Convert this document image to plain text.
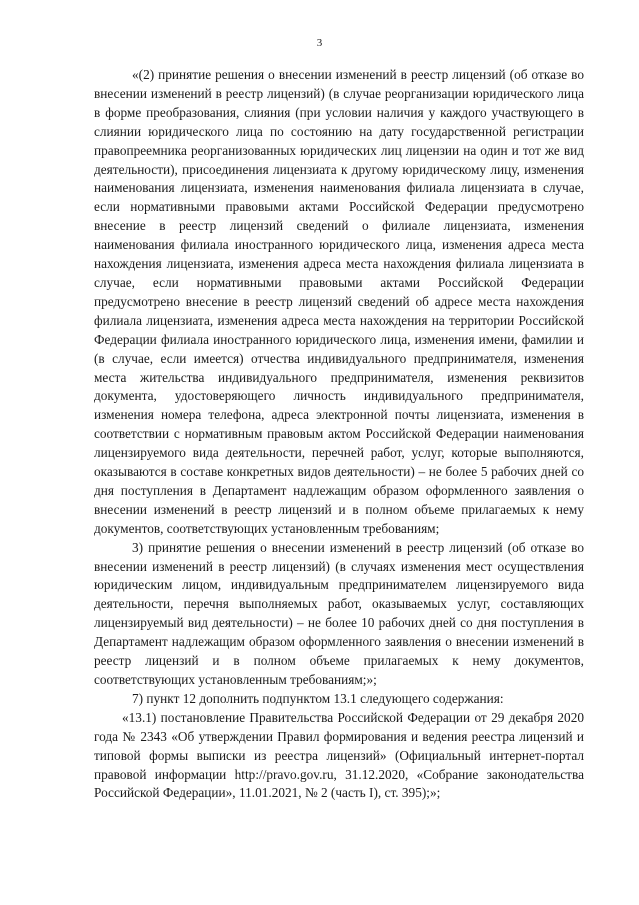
3

«(2) принятие решения о внесении изменений в реестр лицензий (об отказе во внесении изменений в реестр лицензий) (в случае реорганизации юридического лица в форме преобразования, слияния (при условии наличия у каждого участвующего в слиянии юридического лица по состоянию на дату государственной регистрации правопреемника реорганизованных юридических лиц лицензии на один и тот же вид деятельности), присоединения лицензиата к другому юридическому лицу, изменения наименования лицензиата, изменения наименования филиала лицензиата в случае, если нормативными правовыми актами Российской Федерации предусмотрено внесение в реестр лицензий сведений о филиале лицензиата, изменения наименования филиала иностранного юридического лица, изменения адреса места нахождения лицензиата, изменения адреса места нахождения филиала лицензиата в случае, если нормативными правовыми актами Российской Федерации предусмотрено внесение в реестр лицензий сведений об адресе места нахождения филиала лицензиата, изменения адреса места нахождения на территории Российской Федерации филиала иностранного юридического лица, изменения имени, фамилии и (в случае, если имеется) отчества индивидуального предпринимателя, изменения места жительства индивидуального предпринимателя, изменения реквизитов документа, удостоверяющего личность индивидуального предпринимателя, изменения номера телефона, адреса электронной почты лицензиата, изменения в соответствии с нормативным правовым актом Российской Федерации наименования лицензируемого вида деятельности, перечней работ, услуг, которые выполняются, оказываются в составе конкретных видов деятельности) – не более 5 рабочих дней со дня поступления в Департамент надлежащим образом оформленного заявления о внесении изменений в реестр лицензий и в полном объеме прилагаемых к нему документов, соответствующих установленным требованиям;

3) принятие решения о внесении изменений в реестр лицензий (об отказе во внесении изменений в реестр лицензий) (в случаях изменения мест осуществления юридическим лицом, индивидуальным предпринимателем лицензируемого вида деятельности, перечня выполняемых работ, оказываемых услуг, составляющих лицензируемый вид деятельности) – не более 10 рабочих дней со дня поступления в Департамент надлежащим образом оформленного заявления о внесении изменений в реестр лицензий и в полном объеме прилагаемых к нему документов, соответствующих установленным требованиям;»;

7) пункт 12 дополнить подпунктом 13.1 следующего содержания:

«13.1) постановление Правительства Российской Федерации от 29 декабря 2020 года № 2343 «Об утверждении Правил формирования и ведения реестра лицензий и типовой формы выписки из реестра лицензий» (Официальный интернет-портал правовой информации http://pravo.gov.ru, 31.12.2020, «Собрание законодательства Российской Федерации», 11.01.2021, № 2 (часть I), ст. 395);»;
